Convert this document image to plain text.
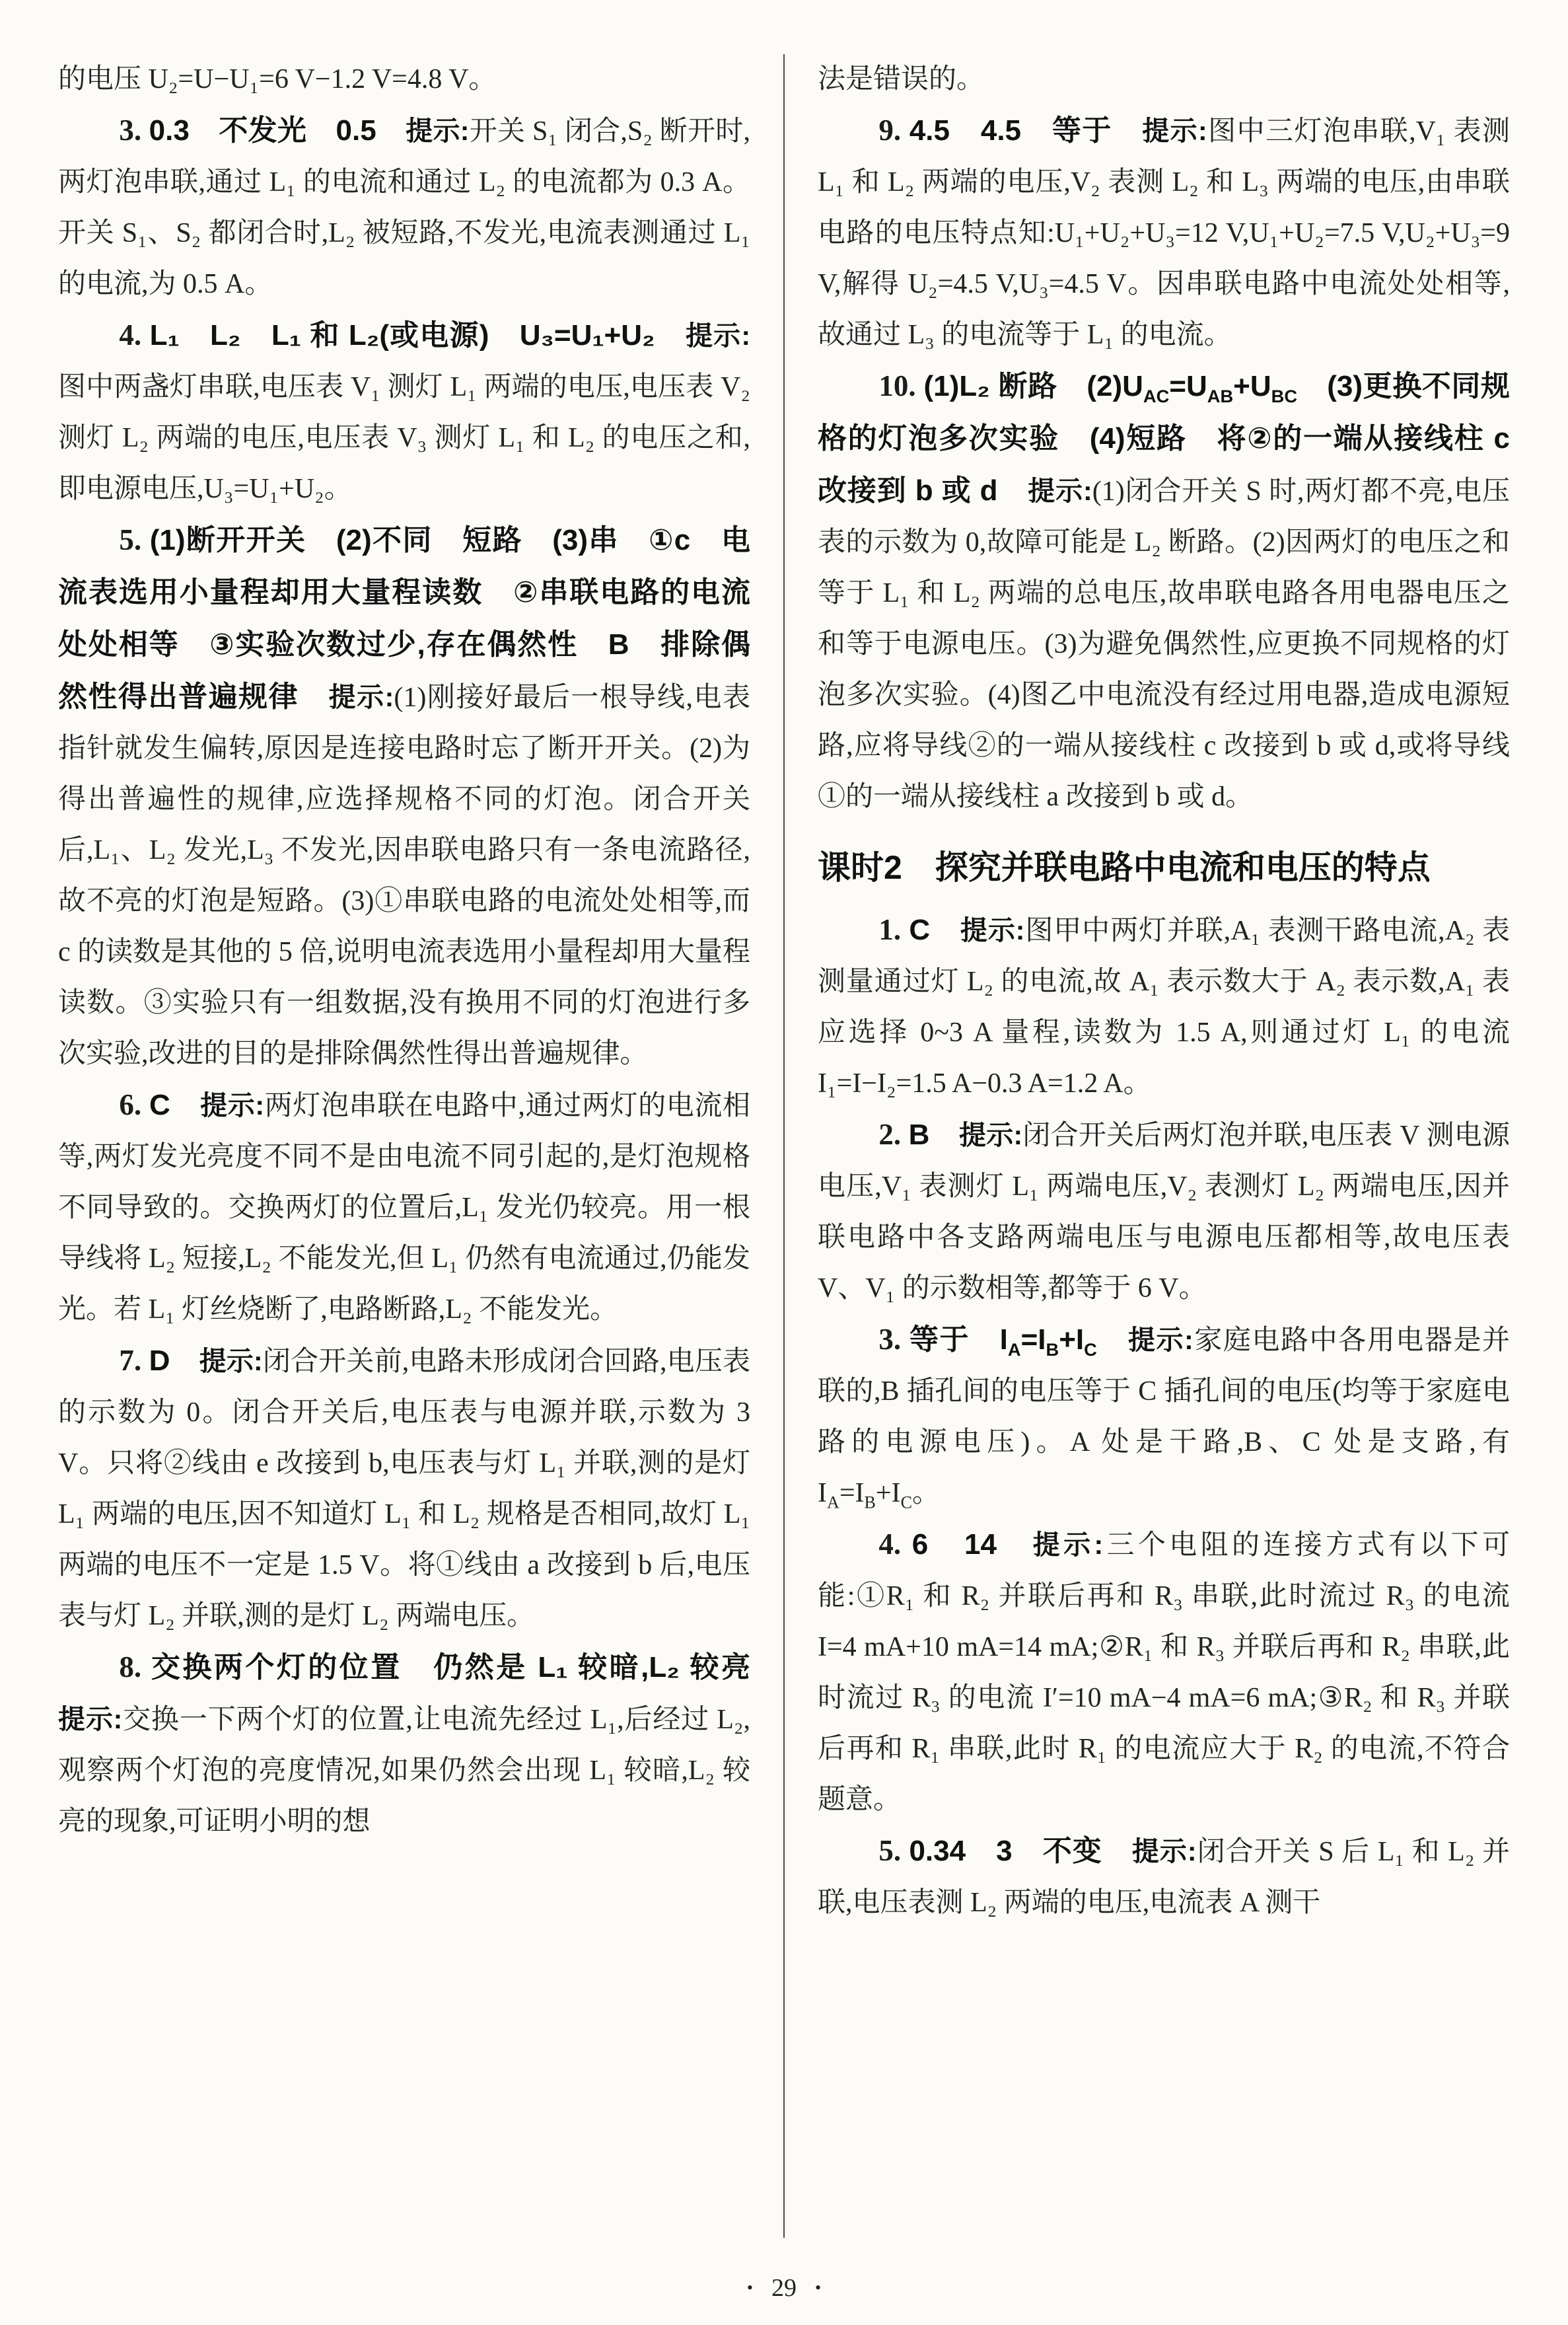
的电压 U₂=U−U₁=6 V−1.2 V=4.8 V。

3. 0.3　不发光　0.5　提示:开关 S₁ 闭合,S₂ 断开时,两灯泡串联,通过 L₁ 的电流和通过 L₂ 的电流都为 0.3 A。开关 S₁、S₂ 都闭合时,L₂ 被短路,不发光,电流表测通过 L₁ 的电流,为 0.5 A。

4. L₁　L₂　L₁ 和 L₂(或电源)　U₃=U₁+U₂　提示:图中两盏灯串联,电压表 V₁ 测灯 L₁ 两端的电压,电压表 V₂ 测灯 L₂ 两端的电压,电压表 V₃ 测灯 L₁ 和 L₂ 的电压之和,即电源电压,U₃=U₁+U₂。

5. (1)断开开关　(2)不同　短路　(3)串　①c　电流表选用小量程却用大量程读数　②串联电路的电流处处相等　③实验次数过少,存在偶然性　B　排除偶然性得出普遍规律　提示:(1)刚接好最后一根导线,电表指针就发生偏转,原因是连接电路时忘了断开开关。(2)为得出普遍性的规律,应选择规格不同的灯泡。闭合开关后,L₁、L₂ 发光,L₃ 不发光,因串联电路只有一条电流路径,故不亮的灯泡是短路。(3)①串联电路的电流处处相等,而 c 的读数是其他的 5 倍,说明电流表选用小量程却用大量程读数。③实验只有一组数据,没有换用不同的灯泡进行多次实验,改进的目的是排除偶然性得出普遍规律。

6. C　提示:两灯泡串联在电路中,通过两灯的电流相等,两灯发光亮度不同不是由电流不同引起的,是灯泡规格不同导致的。交换两灯的位置后,L₁ 发光仍较亮。用一根导线将 L₂ 短接,L₂ 不能发光,但 L₁ 仍然有电流通过,仍能发光。若 L₁ 灯丝烧断了,电路断路,L₂ 不能发光。

7. D　提示:闭合开关前,电路未形成闭合回路,电压表的示数为 0。闭合开关后,电压表与电源并联,示数为 3 V。只将②线由 e 改接到 b,电压表与灯 L₁ 并联,测的是灯 L₁ 两端的电压,因不知道灯 L₁ 和 L₂ 规格是否相同,故灯 L₁ 两端的电压不一定是 1.5 V。将①线由 a 改接到 b 后,电压表与灯 L₂ 并联,测的是灯 L₂ 两端电压。

8. 交换两个灯的位置　仍然是 L₁ 较暗,L₂ 较亮　提示:交换一下两个灯的位置,让电流先经过 L₁,后经过 L₂,观察两个灯泡的亮度情况,如果仍然会出现 L₁ 较暗,L₂ 较亮的现象,可证明小明的想

法是错误的。

9. 4.5　4.5　等于　提示:图中三灯泡串联,V₁ 表测 L₁ 和 L₂ 两端的电压,V₂ 表测 L₂ 和 L₃ 两端的电压,由串联电路的电压特点知:U₁+U₂+U₃=12 V,U₁+U₂=7.5 V,U₂+U₃=9 V,解得 U₂=4.5 V,U₃=4.5 V。因串联电路中电流处处相等,故通过 L₃ 的电流等于 L₁ 的电流。

10. (1)L₂ 断路　$(2)U_{AC}=U_{AB}+U_{BC}$　(3)更换不同规格的灯泡多次实验　(4)短路　将②的一端从接线柱 c 改接到 b 或 d　提示:(1)闭合开关 S 时,两灯都不亮,电压表的示数为 0,故障可能是 L₂ 断路。(2)因两灯的电压之和等于 L₁ 和 L₂ 两端的总电压,故串联电路各用电器电压之和等于电源电压。(3)为避免偶然性,应更换不同规格的灯泡多次实验。(4)图乙中电流没有经过用电器,造成电源短路,应将导线②的一端从接线柱 c 改接到 b 或 d,或将导线①的一端从接线柱 a 改接到 b 或 d。

课时2　探究并联电路中电流和电压的特点

1. C　提示:图甲中两灯并联,A₁ 表测干路电流,A₂ 表测量通过灯 L₂ 的电流,故 A₁ 表示数大于 A₂ 表示数,A₁ 表应选择 0~3 A 量程,读数为 1.5 A,则通过灯 L₁ 的电流 I₁=I−I₂=1.5 A−0.3 A=1.2 A。

2. B　提示:闭合开关后两灯泡并联,电压表 V 测电源电压,V₁ 表测灯 L₁ 两端电压,V₂ 表测灯 L₂ 两端电压,因并联电路中各支路两端电压与电源电压都相等,故电压表 V、V₁ 的示数相等,都等于 6 V。

3. 等于　$I_A=I_B+I_C$　 提示:家庭电路中各用电器是并联的,B 插孔间的电压等于 C 插孔间的电压(均等于家庭电路的电源电压)。A 处是干路,B、C 处是支路,有 $I_A=I_B+I_C$。

4. 6　14　提示:三个电阻的连接方式有以下可能:①R₁ 和 R₂ 并联后再和 R₃ 串联,此时流过 R₃ 的电流 I=4 mA+10 mA=14 mA;②R₁ 和 R₃ 并联后再和 R₂ 串联,此时流过 R₃ 的电流 I′=10 mA−4 mA=6 mA;③R₂ 和 R₃ 并联后再和 R₁ 串联,此时 R₁ 的电流应大于 R₂ 的电流,不符合题意。

5. 0.34　3　不变　提示:闭合开关 S 后 L₁ 和 L₂ 并联,电压表测 L₂ 两端的电压,电流表 A 测干

• 29 •
